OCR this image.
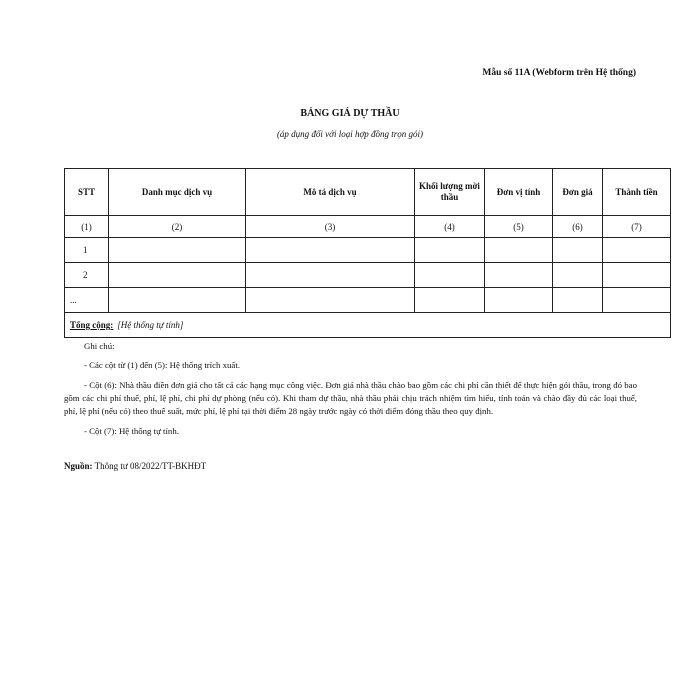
Mẫu số 11A (Webform trên Hệ thống)
BẢNG GIÁ DỰ THẦU
(áp dụng đối với loại hợp đồng trọn gói)
STT	Danh mục dịch vụ	Mô tả dịch vụ	Khối lượng mời thầu	Đơn vị tính	Đơn giá	Thành tiền
(1)	(2)	(3)	(4)	(5)	(6)	(7)
1						
2						
...						
Tổng cộng: [Hệ thống tự tính]						

Ghi chú:

- Các cột từ (1) đến (5): Hệ thống trích xuất.

- Cột (6): Nhà thầu điền đơn giá cho tất cả các hạng mục công việc. Đơn giá nhà thầu chào bao gồm các chi phí cần thiết để thực hiện gói thầu, trong đó bao gồm các chi phí thuế, phí, lệ phí, chi phí dự phòng (nếu có). Khi tham dự thầu, nhà thầu phải chịu trách nhiệm tìm hiểu, tính toán và chào đầy đủ các loại thuế, phí, lệ phí (nếu có) theo thuế suất, mức phí, lệ phí tại thời điểm 28 ngày trước ngày có thời điểm đóng thầu theo quy định.

- Cột (7): Hệ thống tự tính.

Nguồn: Thông tư 08/2022/TT-BKHĐT
